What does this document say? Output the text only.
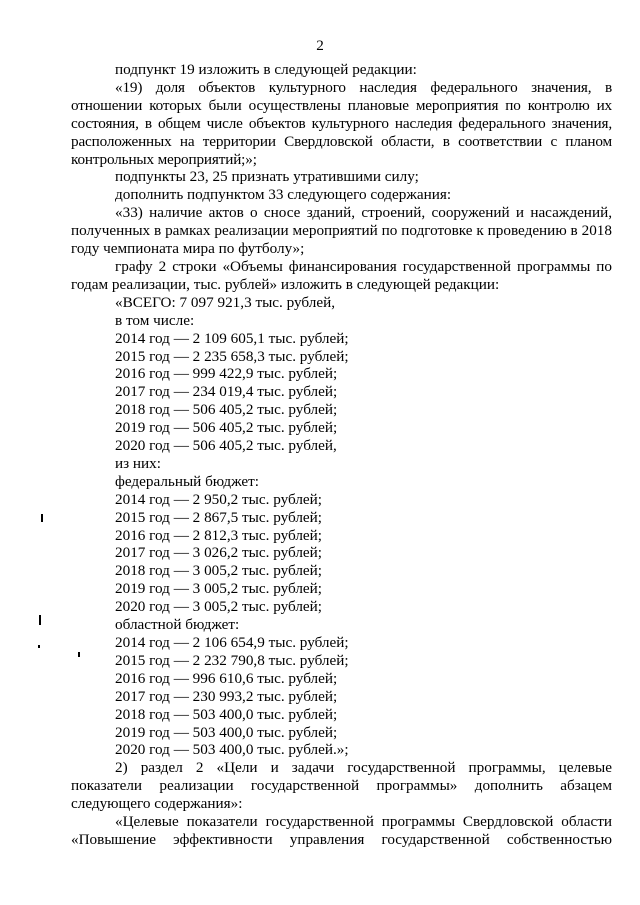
2

подпункт 19 изложить в следующей редакции:

«19) доля объектов культурного наследия федерального значения, в отношении которых были осуществлены плановые мероприятия по контролю их состояния, в общем числе объектов культурного наследия федерального значения, расположенных на территории Свердловской области, в соответствии с планом контрольных мероприятий;»;

подпункты 23, 25 признать утратившими силу;

дополнить подпунктом 33 следующего содержания:

«33) наличие актов о сносе зданий, строений, сооружений и насаждений, полученных в рамках реализации мероприятий по подготовке к проведению в 2018 году чемпионата мира по футболу»;

графу 2 строки «Объемы финансирования государственной программы по годам реализации, тыс. рублей» изложить в следующей редакции:

«ВСЕГО: 7 097 921,3 тыс. рублей,
в том числе:
2014 год — 2 109 605,1 тыс. рублей;
2015 год — 2 235 658,3 тыс. рублей;
2016 год — 999 422,9 тыс. рублей;
2017 год — 234 019,4 тыс. рублей;
2018 год — 506 405,2 тыс. рублей;
2019 год — 506 405,2 тыс. рублей;
2020 год — 506 405,2 тыс. рублей,
из них:
федеральный бюджет:
2014 год — 2 950,2 тыс. рублей;
2015 год — 2 867,5 тыс. рублей;
2016 год — 2 812,3 тыс. рублей;
2017 год — 3 026,2 тыс. рублей;
2018 год — 3 005,2 тыс. рублей;
2019 год — 3 005,2 тыс. рублей;
2020 год — 3 005,2 тыс. рублей;
областной бюджет:
2014 год — 2 106 654,9 тыс. рублей;
2015 год — 2 232 790,8 тыс. рублей;
2016 год — 996 610,6 тыс. рублей;
2017 год — 230 993,2 тыс. рублей;
2018 год — 503 400,0 тыс. рублей;
2019 год — 503 400,0 тыс. рублей;
2020 год — 503 400,0 тыс. рублей.»;

2) раздел 2 «Цели и задачи государственной программы, целевые показатели реализации государственной программы» дополнить абзацем следующего содержания»:

«Целевые показатели государственной программы Свердловской области «Повышение эффективности управления государственной собственностью
